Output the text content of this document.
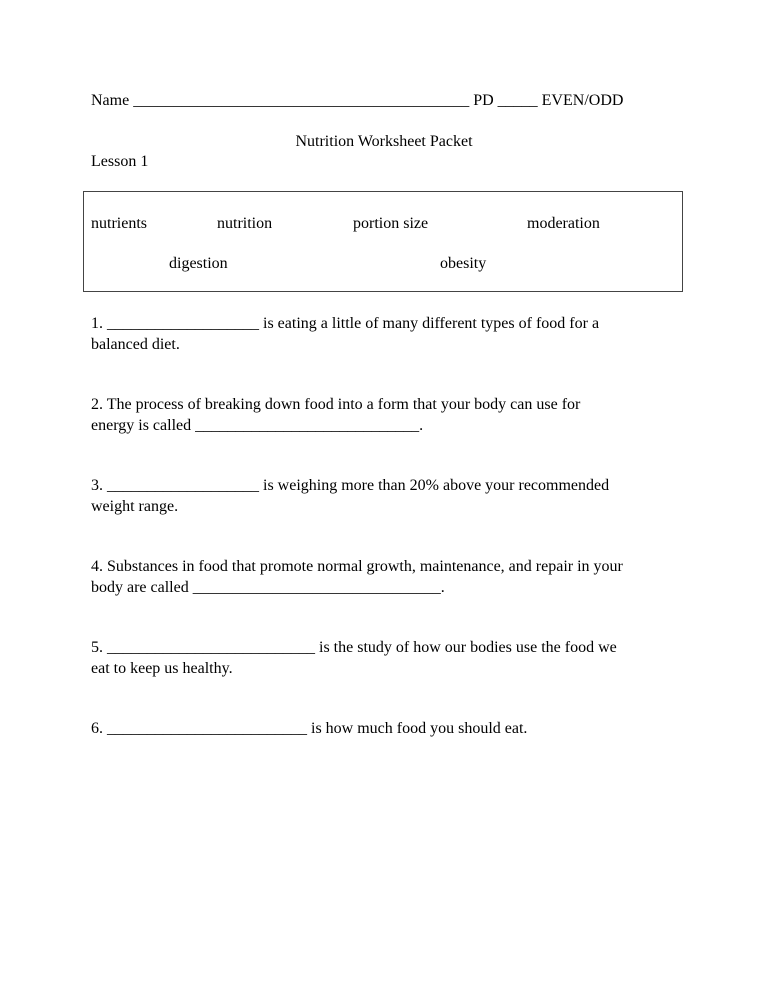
Name __________________________________________ PD _____ EVEN/ODD
Nutrition Worksheet Packet
Lesson 1
nutrients	nutrition	portion size	moderation
digestion	obesity
1. ___________________ is eating a little of many different types of food for a
balanced diet.
2. The process of breaking down food into a form that your body can use for
energy is called ____________________________.
3. ___________________ is weighing more than 20% above your recommended
weight range.
4. Substances in food that promote normal growth, maintenance, and repair in your
body are called _______________________________.
5. __________________________ is the study of how our bodies use the food we
eat to keep us healthy.
6. _________________________ is how much food you should eat.
